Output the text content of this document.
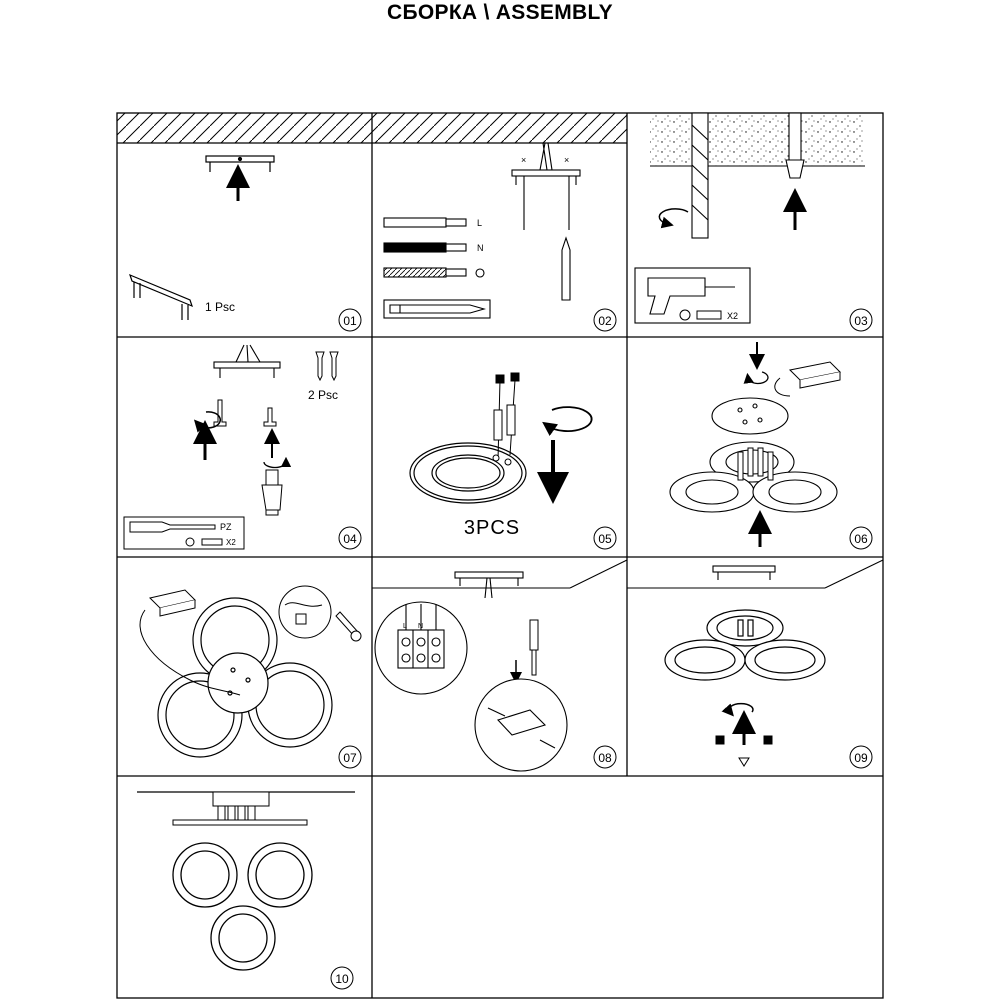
СБОРКА \ ASSEMBLY
1 Psc
01
×	×
L
N
02	X2	03
2 Psc
PZ
X2	04	3PCS	05	06
07
L N
08	09
10
